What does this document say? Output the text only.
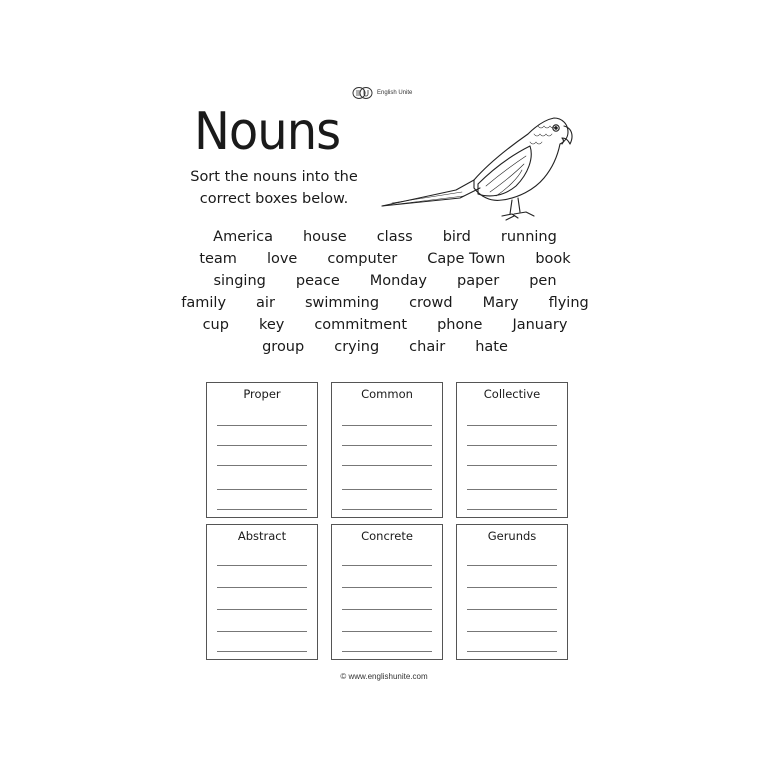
English Unite
Nouns
Sort the nouns into the
correct boxes below.
America house class bird running
team love computer Cape Town book
singing peace Monday paper pen
family air swimming crowd Mary flying
cup key commitment phone January
group crying chair hate
Proper	Common	Collective
Abstract	Concrete	Gerunds
© www.englishunite.com
